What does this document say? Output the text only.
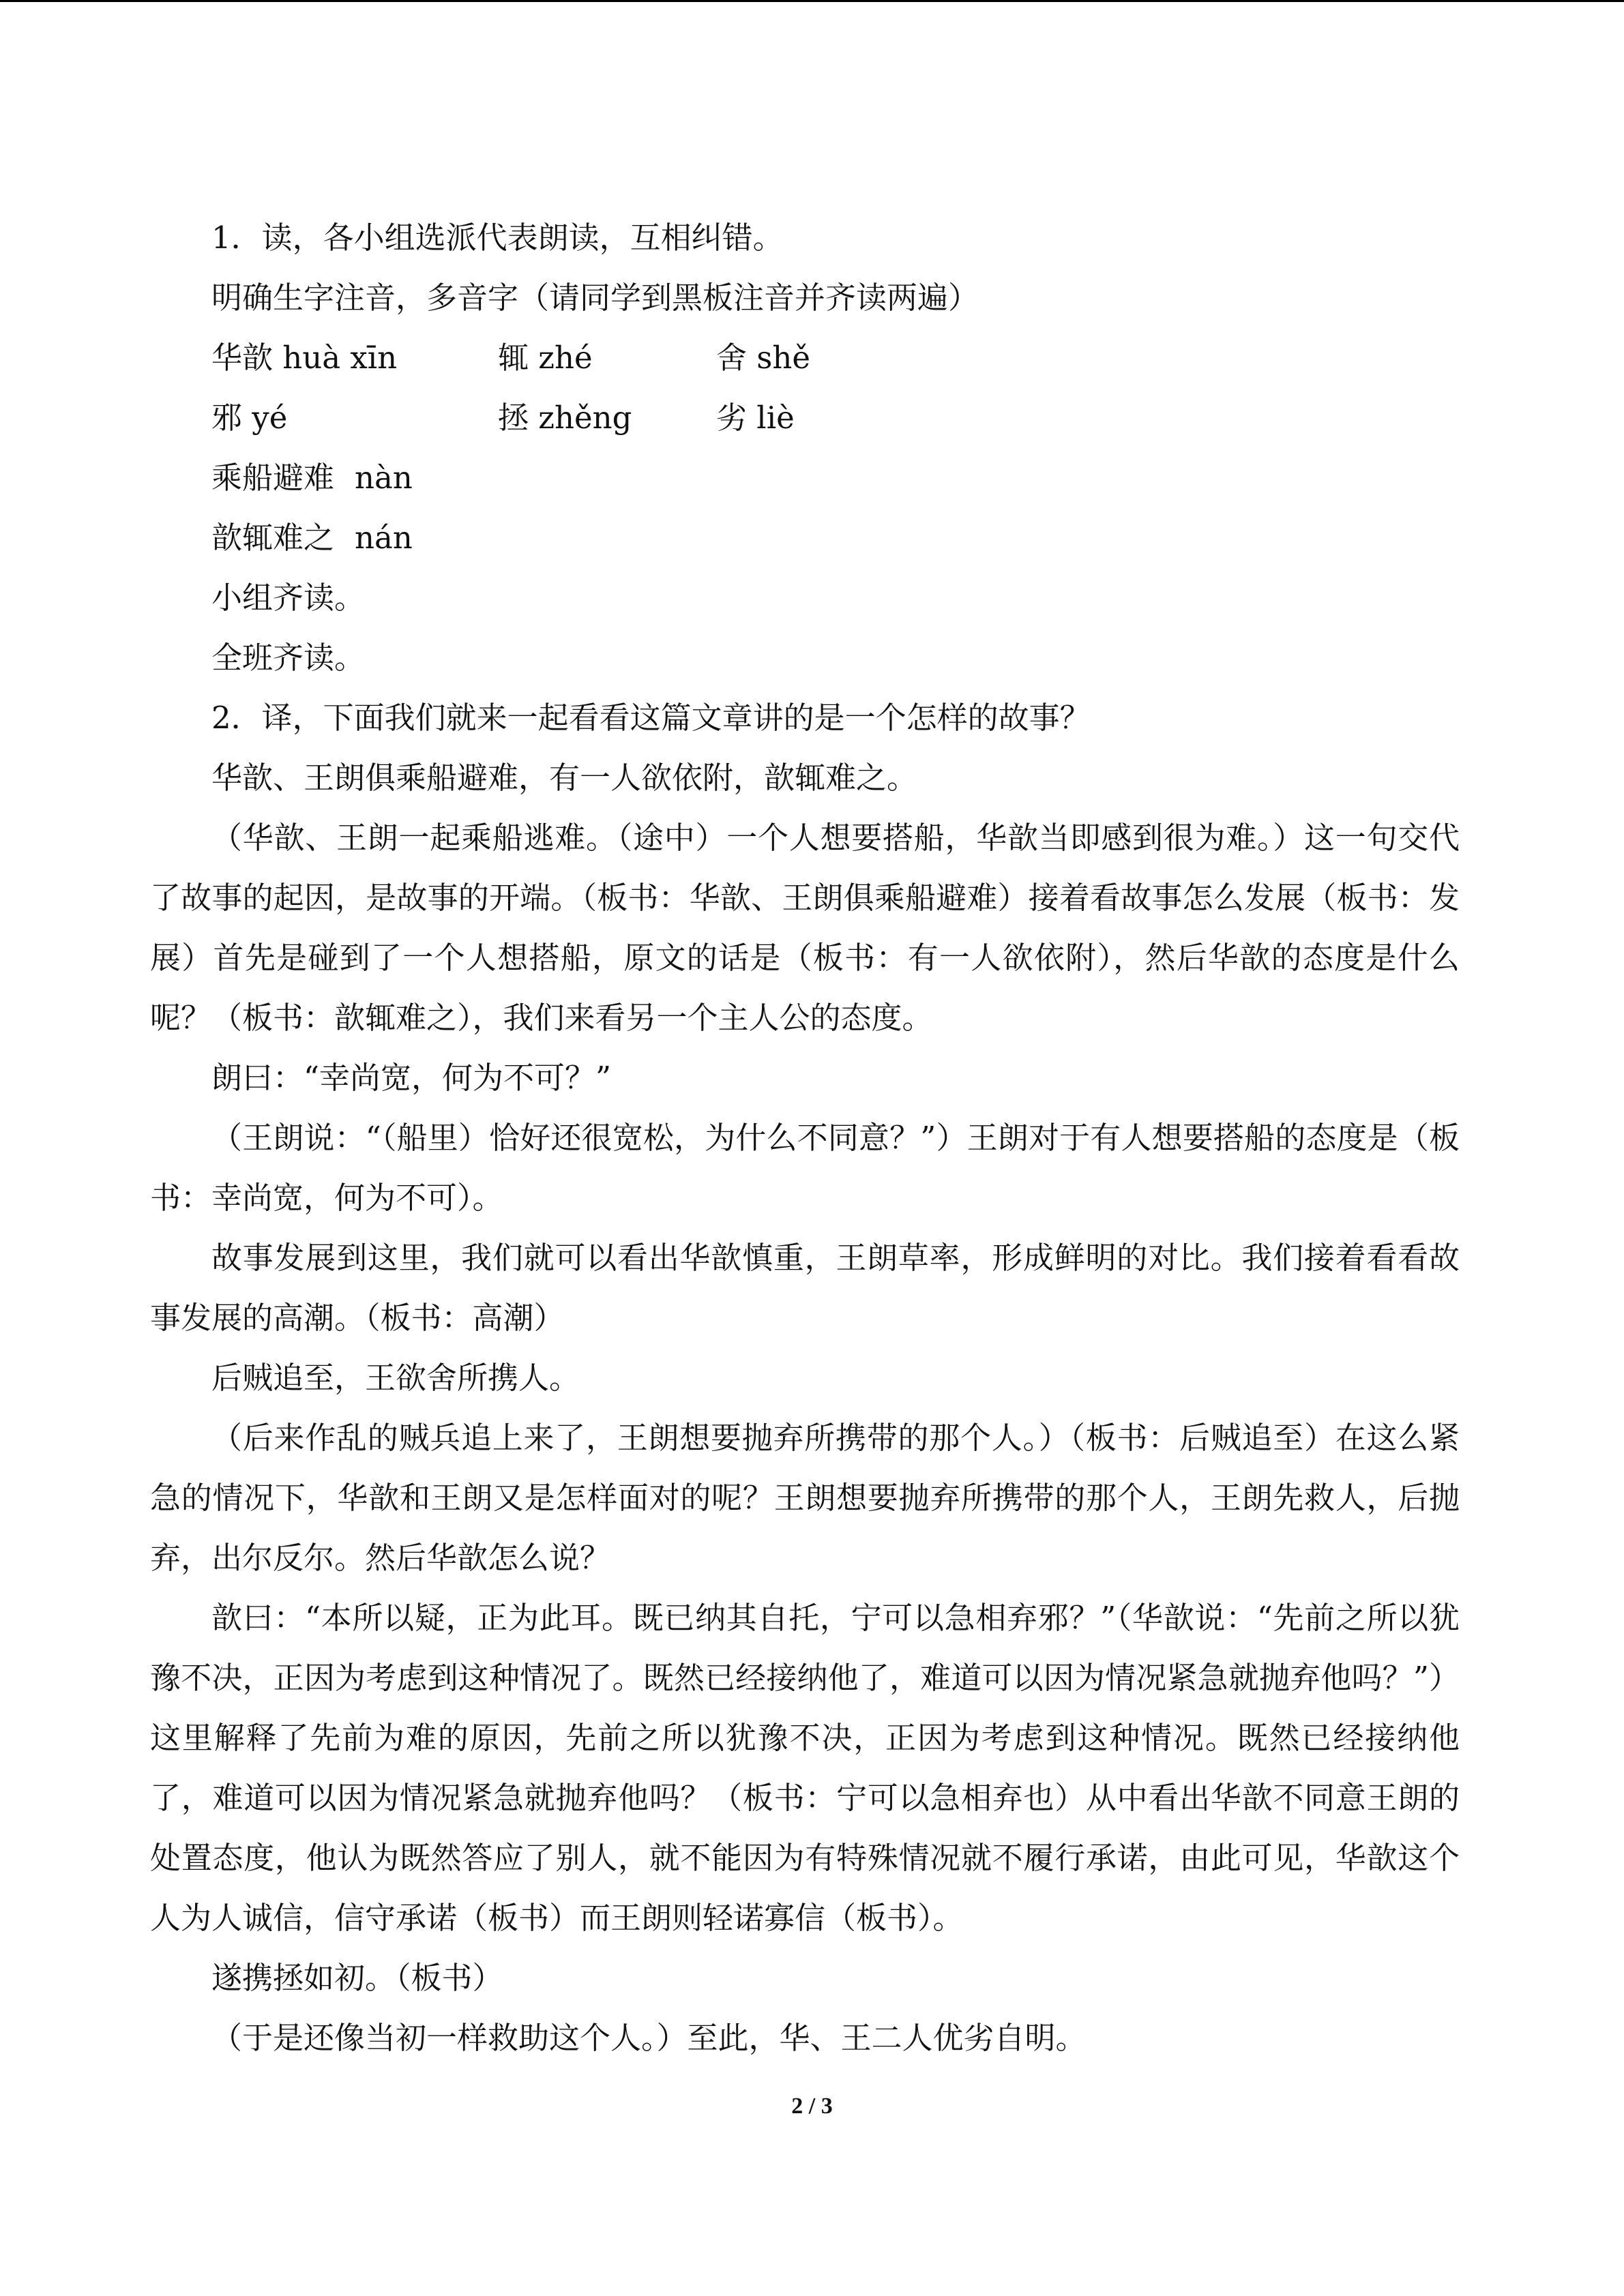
1．读，各小组选派代表朗读，互相纠错。

明确生字注音，多音字（请同学到黑板注音并齐读两遍）

华歆 huà xīn	辄 zhé	舍 shě
邪 yé	拯 zhěng	劣 liè

乘船避难 nàn

歆辄难之 nán

小组齐读。

全班齐读。

2．译，下面我们就来一起看看这篇文章讲的是一个怎样的故事？

华歆、王朗俱乘船避难，有一人欲依附，歆辄难之。

（华歆、王朗一起乘船逃难。（途中）一个人想要搭船，华歆当即感到很为难。）这一句交代了故事的起因，是故事的开端。（板书：华歆、王朗俱乘船避难）接着看故事怎么发展（板书：发展）首先是碰到了一个人想搭船，原文的话是（板书：有一人欲依附），然后华歆的态度是什么呢？（板书：歆辄难之），我们来看另一个主人公的态度。

朗曰：“幸尚宽，何为不可？”

（王朗说：“（船里）恰好还很宽松，为什么不同意？”）王朗对于有人想要搭船的态度是（板书：幸尚宽，何为不可）。

故事发展到这里，我们就可以看出华歆慎重，王朗草率，形成鲜明的对比。我们接着看看故事发展的高潮。（板书：高潮）

后贼追至，王欲舍所携人。

（后来作乱的贼兵追上来了，王朗想要抛弃所携带的那个人。）（板书：后贼追至）在这么紧急的情况下，华歆和王朗又是怎样面对的呢？王朗想要抛弃所携带的那个人，王朗先救人，后抛弃，出尔反尔。然后华歆怎么说？

歆曰：“本所以疑，正为此耳。既已纳其自托，宁可以急相弃邪？”（华歆说：“先前之所以犹豫不决，正因为考虑到这种情况了。既然已经接纳他了，难道可以因为情况紧急就抛弃他吗？”）这里解释了先前为难的原因，先前之所以犹豫不决，正因为考虑到这种情况。既然已经接纳他了，难道可以因为情况紧急就抛弃他吗？（板书：宁可以急相弃也）从中看出华歆不同意王朗的处置态度，他认为既然答应了别人，就不能因为有特殊情况就不履行承诺，由此可见，华歆这个人为人诚信，信守承诺（板书）而王朗则轻诺寡信（板书）。

遂携拯如初。（板书）

（于是还像当初一样救助这个人。）至此，华、王二人优劣自明。

2 / 3
